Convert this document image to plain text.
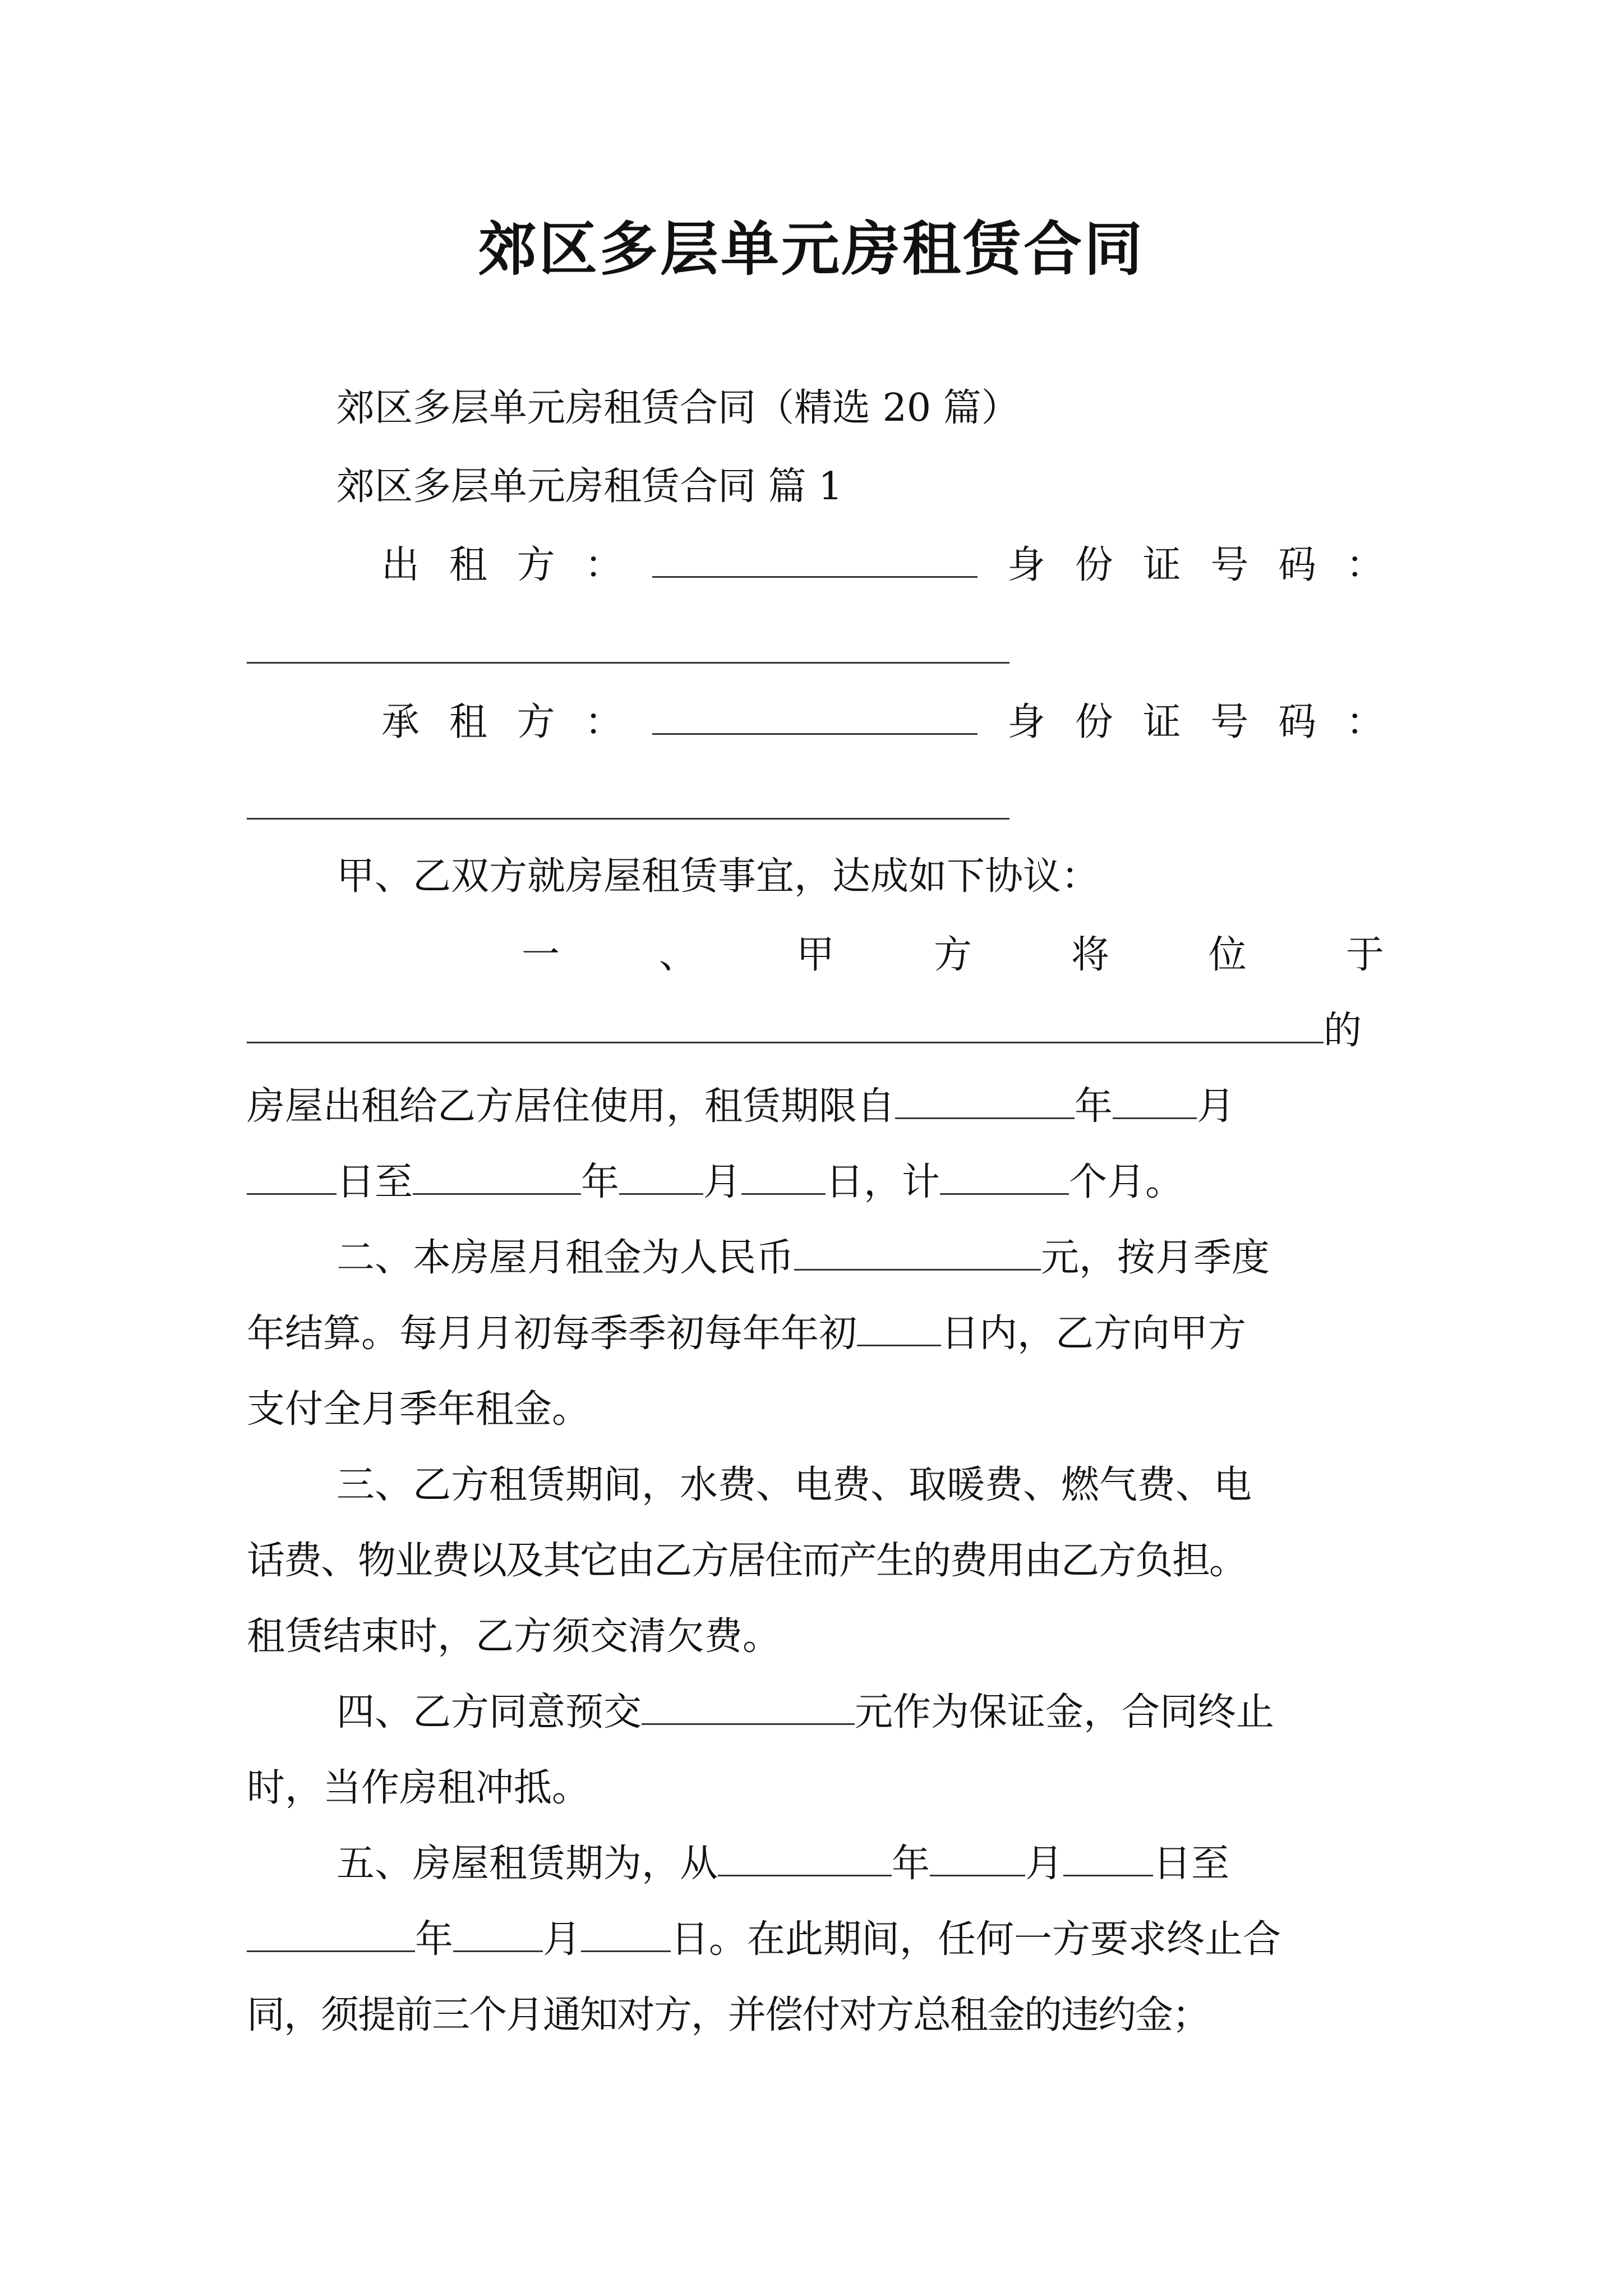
郊区多层单元房租赁合同
郊区多层单元房租赁合同（精选 20 篇）
郊区多层单元房租赁合同 篇 1
出 租 方 ：	身 份 证 号 码 ：
承 租 方 ：	身 份 证 号 码 ：
甲、乙双方就房屋租赁事宜，达成如下协议：
一	、	甲	方	将	位	于
的
房屋出租给乙方居住使用，租赁期限自	年 月
日至	年 月 日，计	个月。
二、本房屋月租金为人民币	元，按月季度
年结算。每月月初每季季初每年年初 日内，乙方向甲方
支付全月季年租金。
三、乙方租赁期间，水费、电费、取暖费、燃气费、电
话费、物业费以及其它由乙方居住而产生的费用由乙方负担。
租赁结束时，乙方须交清欠费。
四、乙方同意预交	元作为保证金，合同终止
时，当作房租冲抵。
五、房屋租赁期为，从	年	月 日至
年 月 日。在此期间，任何一方要求终止合
同，须提前三个月通知对方，并偿付对方总租金的违约金；
